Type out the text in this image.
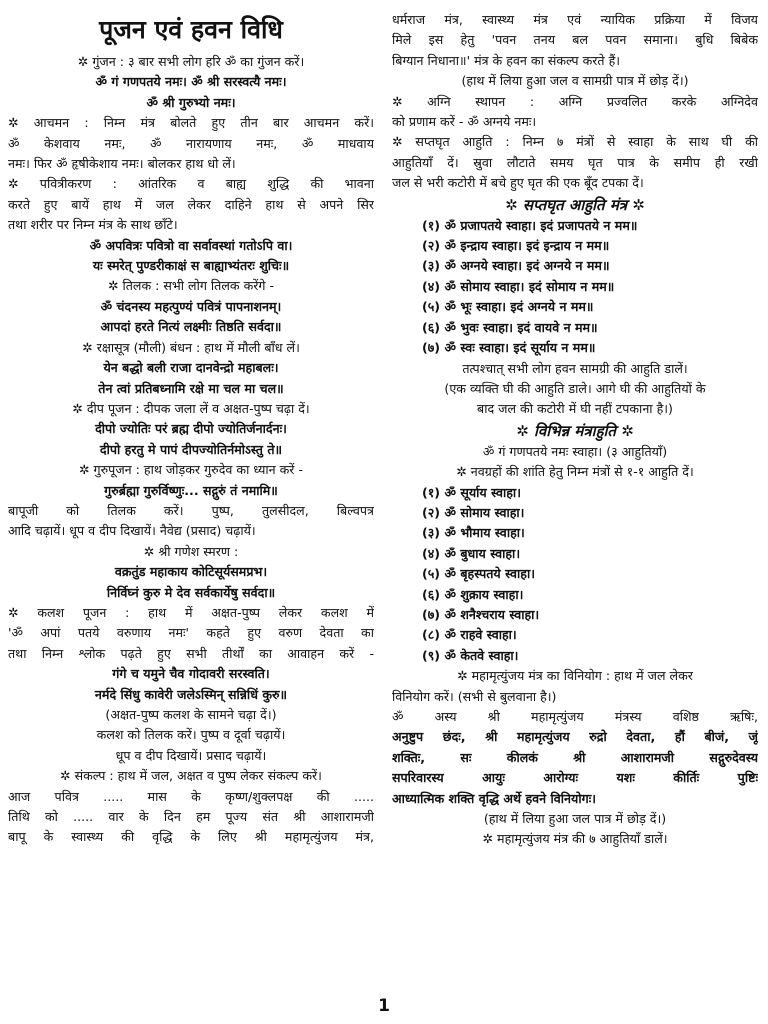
पूजन एवं हवन विधि
✲ गुंजन : ३ बार सभी लोग हरि ॐ का गुंजन करें।
ॐ गं गणपतये नमः। ॐ श्री सरस्वत्यै नमः।
ॐ श्री गुरुभ्यो नमः।
✲ आचमन : निम्न मंत्र बोलते हुए तीन बार आचमन करें।
ॐ केशवाय नमः, ॐ नारायणाय नमः, ॐ माधवाय
नमः। फिर ॐ हृषीकेशाय नमः। बोलकर हाथ धो लें।
✲ पवित्रीकरण : आंतरिक व बाह्य शुद्धि की भावना
करते हुए बायें हाथ में जल लेकर दाहिने हाथ से अपने सिर
तथा शरीर पर निम्न मंत्र के साथ छाँटे।
ॐ अपवित्रः पवित्रो वा सर्वावस्थां गतोऽपि वा।
यः स्मरेत् पुण्डरीकाक्षं स बाह्याभ्यंतरः शुचिः॥
✲ तिलक : सभी लोग तिलक करेंगे -
ॐ चंदनस्य महत्पुण्यं पवित्रं पापनाशनम्।
आपदां हरते नित्यं लक्ष्मीः तिष्ठति सर्वदा॥
✲ रक्षासूत्र (मौली) बंधन : हाथ में मौली बाँध लें।
येन बद्धो बली राजा दानवेन्द्रो महाबलः।
तेन त्वां प्रतिबध्नामि रक्षे मा चल मा चल॥
✲ दीप पूजन : दीपक जला लें व अक्षत-पुष्प चढ़ा दें।
दीपो ज्योतिः परं ब्रह्म दीपो ज्योतिर्जनार्दनः।
दीपो हरतु मे पापं दीपज्योतिर्नमोऽस्तु ते॥
✲ गुरुपूजन : हाथ जोड़कर गुरुदेव का ध्यान करें -
गुरुर्ब्रह्मा गुरुर्विष्णुः... सद्गुरुं तं नमामि॥
बापूजी को तिलक करें। पुष्प, तुलसीदल, बिल्वपत्र
आदि चढ़ायें। धूप व दीप दिखायें। नैवेद्य (प्रसाद) चढ़ायें।
✲ श्री गणेश स्मरण :
वक्रतुंड महाकाय कोटिसूर्यसमप्रभ।
निर्विघ्नं कुरु मे देव सर्वकार्येषु सर्वदा॥
✲ कलश पूजन : हाथ में अक्षत-पुष्प लेकर कलश में
'ॐ अपां पतये वरुणाय नमः' कहते हुए वरुण देवता का
तथा निम्न श्लोक पढ़ते हुए सभी तीर्थों का आवाहन करें -
गंगे च यमुने चैव गोदावरी सरस्वति।
नर्मदे सिंधु कावेरी जलेऽस्मिन् सन्निधिं कुरु॥
(अक्षत-पुष्प कलश के सामने चढ़ा दें।)
कलश को तिलक करें। पुष्प व दूर्वा चढ़ायें।
धूप व दीप दिखायें। प्रसाद चढ़ायें।
✲ संकल्प : हाथ में जल, अक्षत व पुष्प लेकर संकल्प करें।
आज पवित्र ..... मास के कृष्ण/शुक्लपक्ष की .....
तिथि को ..... वार के दिन हम पूज्य संत श्री आशारामजी
बापू के स्वास्थ्य की वृद्धि के लिए श्री महामृत्युंजय मंत्र,
धर्मराज मंत्र, स्वास्थ्य मंत्र एवं न्यायिक प्रक्रिया में विजय
मिले इस हेतु 'पवन तनय बल पवन समाना। बुधि बिबेक
बिग्यान निधाना॥' मंत्र के हवन का संकल्प करते हैं।
(हाथ में लिया हुआ जल व सामग्री पात्र में छोड़ दें।)
✲ अग्नि स्थापन : अग्नि प्रज्वलित करके अग्निदेव
को प्रणाम करें - ॐ अग्नये नमः।
✲ सप्तघृत आहुति : निम्न ७ मंत्रों से स्वाहा के साथ घी की
आहुतियाँ दें। स्रुवा लौटाते समय घृत पात्र के समीप ही रखी
जल से भरी कटोरी में बचे हुए घृत की एक बूँद टपका दें।
✲ सप्तघृत आहुति मंत्र ✲
(१) ॐ प्रजापतये स्वाहा। इदं प्रजापतये न मम॥
(२) ॐ इन्द्राय स्वाहा। इदं इन्द्राय न मम॥
(३) ॐ अग्नये स्वाहा। इदं अग्नये न मम॥
(४) ॐ सोमाय स्वाहा। इदं सोमाय न मम॥
(५) ॐ भूः स्वाहा। इदं अग्नये न मम॥
(६) ॐ भुवः स्वाहा। इदं वायवे न मम॥
(७) ॐ स्वः स्वाहा। इदं सूर्याय न मम॥
तत्पश्चात् सभी लोग हवन सामग्री की आहुति डालें।
(एक व्यक्ति घी की आहुति डाले। आगे घी की आहुतियों के
बाद जल की कटोरी में घी नहीं टपकाना है।)
✲ विभिन्न मंत्राहुति ✲
ॐ गं गणपतये नमः स्वाहा। (३ आहुतियाँ)
✲ नवग्रहों की शांति हेतु निम्न मंत्रों से १-१ आहुति दें।
(१) ॐ सूर्याय स्वाहा।
(२) ॐ सोमाय स्वाहा।
(३) ॐ भौमाय स्वाहा।
(४) ॐ बुधाय स्वाहा।
(५) ॐ बृहस्पतये स्वाहा।
(६) ॐ शुक्राय स्वाहा।
(७) ॐ शनैश्चराय स्वाहा।
(८) ॐ राहवे स्वाहा।
(९) ॐ केतवे स्वाहा।
✲ महामृत्युंजय मंत्र का विनियोग : हाथ में जल लेकर
विनियोग करें। (सभी से बुलवाना है।)
ॐ अस्य श्री महामृत्युंजय मंत्रस्य वशिष्ठ ऋषिः,
अनुष्टुप छंदः, श्री महामृत्युंजय रुद्रो देवता, हौं बीजं, जूं
शक्तिः, सः कीलकं श्री आशारामजी सद्गुरुदेवस्य
सपरिवारस्य आयुः आरोग्यः यशः कीर्तिः पुष्टिः
आध्यात्मिक शक्ति वृद्धि अर्थे हवने विनियोगः।
(हाथ में लिया हुआ जल पात्र में छोड़ दें।)
✲ महामृत्युंजय मंत्र की ७ आहुतियाँ डालें।
1
